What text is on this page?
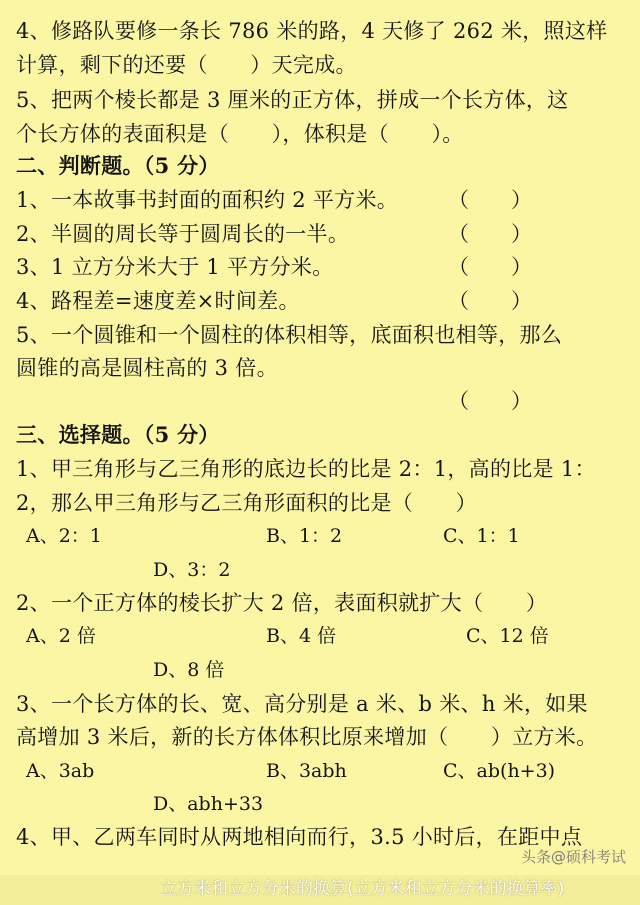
4、修路队要修一条长 786 米的路，4 天修了 262 米，照这样
计算，剩下的还要（　　）天完成。
5、把两个棱长都是 3 厘米的正方体，拼成一个长方体，这
个长方体的表面积是（　　），体积是（　　）。
二、判断题。（5 分）
1、一本故事书封面的面积约 2 平方米。 （　　）
2、半圆的周长等于圆周长的一半。	（　　）
3、1 立方分米大于 1 平方分米。	（　　）
4、路程差=速度差×时间差。	（　　）
5、一个圆锥和一个圆柱的体积相等，底面积也相等，那么
圆锥的高是圆柱高的 3 倍。
（　　）
三、选择题。（5 分）
1、甲三角形与乙三角形的底边长的比是 2：1，高的比是 1：
2，那么甲三角形与乙三角形面积的比是（　　）
A、2：1	B、1：2	C、1：1
D、3：2
2、一个正方体的棱长扩大 2 倍，表面积就扩大（　　）
A、2 倍	B、4 倍	C、12 倍
D、8 倍
3、一个长方体的长、宽、高分别是 a 米、b 米、h 米，如果
高增加 3 米后，新的长方体体积比原来增加（　　）立方米。
A、3ab	B、3abh	C、ab(h+3)
D、abh+33
4、甲、乙两车同时从两地相向而行，3.5 小时后，在距中点
头条@硕科考试
立方米和立方分米的换算(立方米和立方分米的换算率)
